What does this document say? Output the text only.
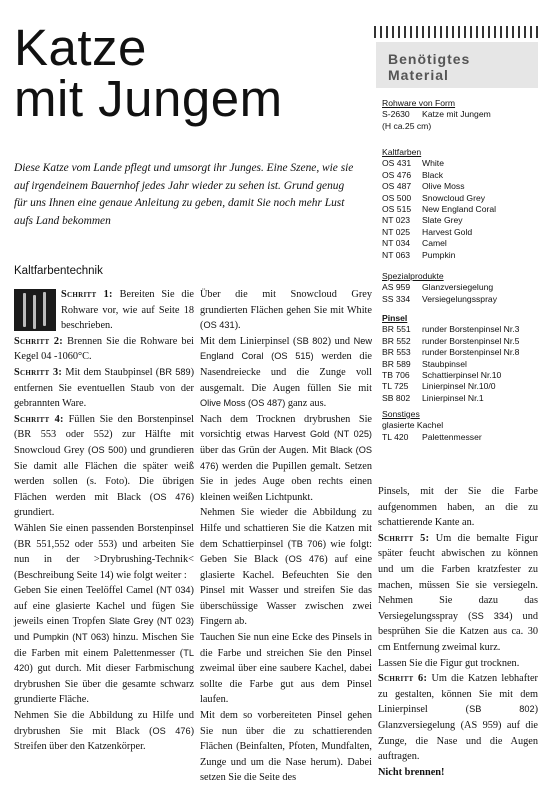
Katze
mit Jungem
Diese Katze vom Lande pflegt und umsorgt ihr Junges. Eine Szene, wie sie auf irgendeinem Bauernhof jedes Jahr wieder zu sehen ist. Grund genug für uns Ihnen eine genaue Anleitung zu geben, damit Sie noch mehr Lust aufs Land bekommen
Kaltfarbentechnik

Schritt 1: Bereiten Sie die Rohware vor, wie auf Seite 18 beschrieben.

Schritt 2: Brennen Sie die Rohware bei Kegel 04 -1060°C.

Schritt 3: Mit dem Staubpinsel (BR 589) entfernen Sie eventuellen Staub von der gebrannten Ware.

Schritt 4: Füllen Sie den Borstenpinsel (BR 553 oder 552) zur Hälfte mit Snowcloud Grey (OS 500) und grundieren Sie damit alle Flächen die später weiß werden sollen (s. Foto). Die übrigen Flächen werden mit Black (OS 476) grundiert.

Wählen Sie einen passenden Borstenpinsel (BR 551,552 oder 553) und arbeiten Sie nun in der >Drybrushing-Technik< (Beschreibung Seite 14) wie folgt weiter :

Geben Sie einen Teelöffel Camel (NT 034) auf eine glasierte Kachel und fügen Sie jeweils einen Tropfen Slate Grey (NT 023) und Pumpkin (NT 063) hinzu. Mischen Sie die Farben mit einem Palettenmesser (TL 420) gut durch. Mit dieser Farbmischung drybrushen Sie über die gesamte schwarz grundierte Fläche.

Nehmen Sie die Abbildung zu Hilfe und drybrushen Sie mit Black (OS 476) Streifen über den Katzenkörper.

Über die mit Snowcloud Grey grundierten Flächen gehen Sie mit White (OS 431).

Mit dem Linierpinsel (SB 802) und New England Coral (OS 515) werden die Nasendreiecke und die Zunge voll ausgemalt. Die Augen füllen Sie mit Olive Moss (OS 487) ganz aus.

Nach dem Trocknen drybrushen Sie vorsichtig etwas Harvest Gold (NT 025) über das Grün der Augen. Mit Black (OS 476) werden die Pupillen gemalt. Setzen Sie in jedes Auge oben rechts einen kleinen weißen Lichtpunkt.

Nehmen Sie wieder die Abbildung zu Hilfe und schattieren Sie die Katzen mit dem Schattierpinsel (TB 706) wie folgt: Geben Sie Black (OS 476) auf eine glasierte Kachel. Befeuchten Sie den Pinsel mit Wasser und streifen Sie das überschüssige Wasser zwischen zwei Fingern ab.

Tauchen Sie nun eine Ecke des Pinsels in die Farbe und streichen Sie den Pinsel zweimal über eine saubere Kachel, dabei sollte die Farbe gut aus dem Pinsel laufen.

Mit dem so vorbereiteten Pinsel gehen Sie nun über die zu schattierenden Flächen (Beinfalten, Pfoten, Mundfalten, Zunge und um die Nase herum). Dabei setzen Sie die Seite des

Pinsels, mit der Sie die Farbe aufgenommen haben, an die zu schattierende Kante an.

Schritt 5: Um die bemalte Figur später feucht abwischen zu können und um die Farben kratzfester zu machen, müssen Sie sie versiegeln. Nehmen Sie dazu das Versiegelungsspray (SS 334) und besprühen Sie die Katzen aus ca. 30 cm Entfernung zweimal kurz.

Lassen Sie die Figur gut trocknen.

Schritt 6: Um die Katzen lebhafter zu gestalten, können Sie mit dem Linierpinsel (SB 802) Glanzversiegelung (AS 959) auf die Zunge, die Nase und die Augen auftragen.

Nicht brennen!

Benötigtes
Material
Rohware von Form
S-2630	Katze mit Jungem
(H ca.25 cm)
Kaltfarben
OS 431	White
OS 476	Black
OS 487	Olive Moss
OS 500	Snowcloud Grey
OS 515	New England Coral
NT 023	Slate Grey
NT 025	Harvest Gold
NT 034	Camel
NT 063	Pumpkin
Spezialprodukte
AS 959	Glanzversiegelung
SS 334	Versiegelungsspray
Pinsel
BR 551	runder Borstenpinsel Nr.3
BR 552	runder Borstenpinsel Nr.5
BR 553	runder Borstenpinsel Nr.8
BR 589	Staubpinsel
TB 706	Schattierpinsel Nr.10
TL 725	Linierpinsel Nr.10/0
SB 802	Linierpinsel Nr.1
Sonstiges
glasierte Kachel
TL 420	Palettenmesser
